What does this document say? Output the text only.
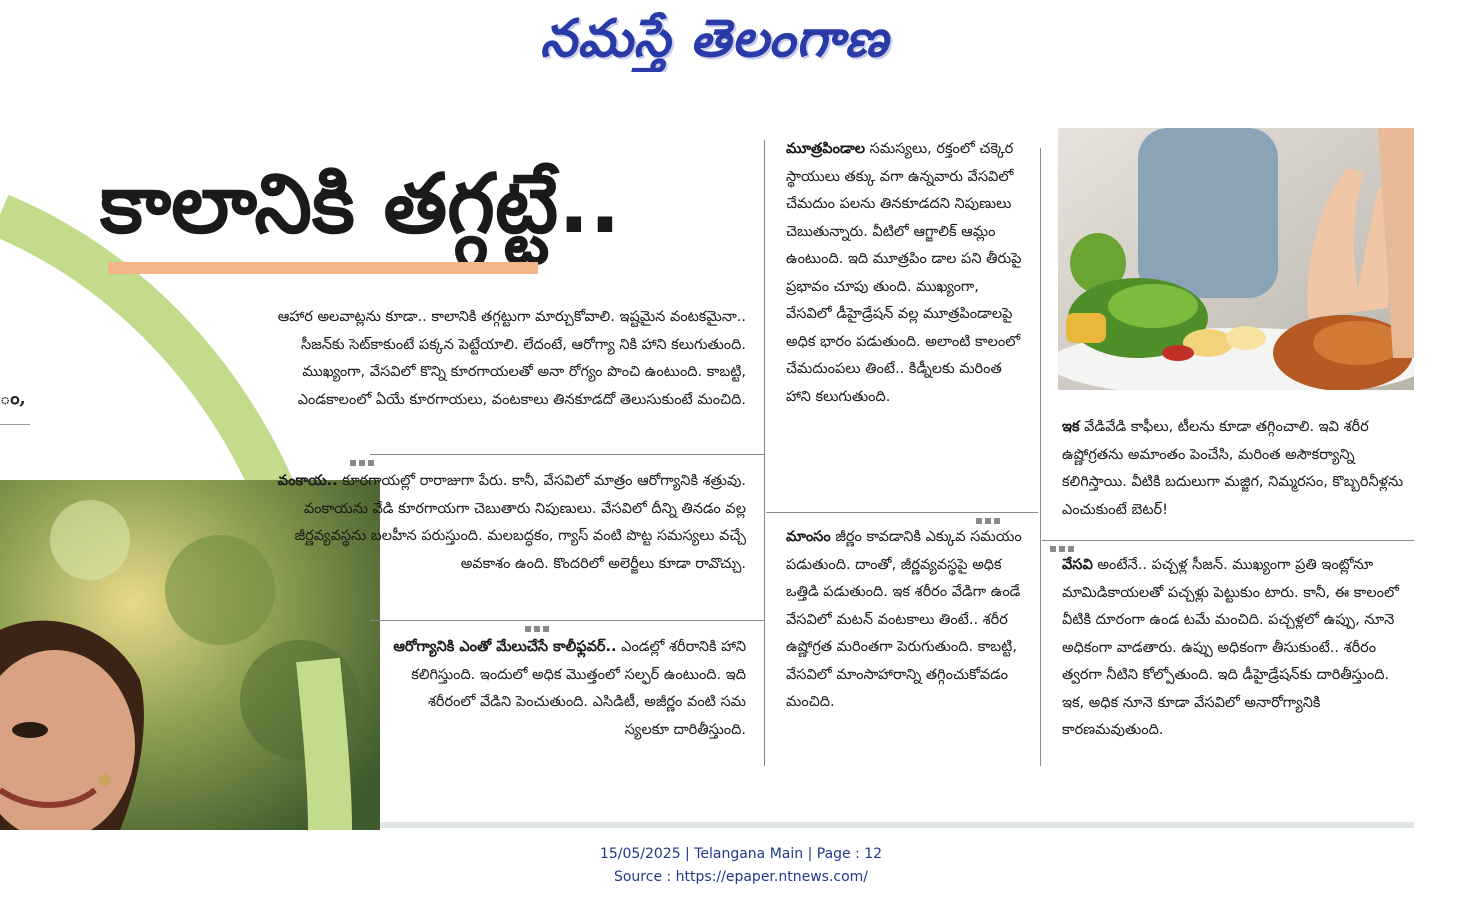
నమస్తే తెలంగాణ
ం,
కాలానికి తగ్గట్టే..
ఆహార అలవాట్లను కూడా.. కాలానికి తగ్గట్టుగా మార్చుకోవాలి. ఇష్టమైన వంటకమైనా.. సీజన్‌కు సెట్‌కాకుంటే పక్కన పెట్టేయాలి. లేదంటే, ఆరోగ్యా నికి హాని కలుగుతుంది. ముఖ్యంగా, వేసవిలో కొన్ని కూరగాయలతో అనా రోగ్యం పొంచి ఉంటుంది. కాబట్టి, ఎండకాలంలో ఏయే కూరగాయలు, వంటకాలు తినకూడదో తెలుసుకుంటే మంచిది.
వంకాయ.. కూరగాయల్లో రారాజుగా పేరు. కానీ, వేసవిలో మాత్రం ఆరోగ్యానికి శత్రువు. వంకాయను వేడి కూరగాయగా చెబుతారు నిపుణులు. వేసవిలో దీన్ని తినడం వల్ల జీర్ణవ్యవస్థను బలహీన పరుస్తుంది. మలబద్ధకం, గ్యాస్ వంటి పొట్ట సమస్యలు వచ్చే అవకాశం ఉంది. కొందరిలో అలెర్జీలు కూడా రావొచ్చు.
ఆరోగ్యానికి ఎంతో మేలుచేసే కాలీఫ్లవర్.. ఎండల్లో శరీరానికి హాని కలిగిస్తుంది. ఇందులో అధిక మొత్తంలో సల్ఫర్ ఉంటుంది. ఇది శరీరంలో వేడిని పెంచుతుంది. ఎసిడిటీ, అజీర్ణం వంటి సమ స్యలకూ దారితీస్తుంది.
మూత్రపిండాల సమస్యలు, రక్తంలో చక్కెర స్థాయులు తక్కు వగా ఉన్నవారు వేసవిలో చేమదుం పలను తినకూడదని నిపుణులు చెబుతున్నారు. వీటిలో ఆగ్జాలిక్ ఆమ్లం ఉంటుంది. ఇది మూత్రపిం డాల పని తీరుపై ప్రభావం చూపు తుంది. ముఖ్యంగా, వేసవిలో డీహైడ్రేషన్ వల్ల మూత్రపిండాలపై అధిక భారం పడుతుంది. అలాంటి కాలంలో చేమదుంపలు తింటే.. కిడ్నీలకు మరింత హాని కలుగుతుంది.
మాంసం జీర్ణం కావడానికి ఎక్కువ సమయం పడుతుంది. దాంతో, జీర్ణవ్యవస్థపై అధిక ఒత్తిడి పడుతుంది. ఇక శరీరం వేడిగా ఉండే వేసవిలో మటన్ వంటకాలు తింటే.. శరీర ఉష్ణోగ్రత మరింతగా పెరుగుతుంది. కాబట్టి, వేసవిలో మాంసాహారాన్ని తగ్గించుకోవడం మంచిది.
ఇక వేడివేడి కాఫీలు, టీలను కూడా తగ్గించాలి. ఇవి శరీర ఉష్ణోగ్రతను అమాంతం పెంచేసి, మరింత అసౌకర్యాన్ని కలిగిస్తాయి. వీటికి బదులుగా మజ్జిగ, నిమ్మరసం, కొబ్బరినీళ్లను ఎంచుకుంటే బెటర్!
వేసవి అంటేనే.. పచ్చళ్ల సీజన్. ముఖ్యంగా ప్రతి ఇంట్లోనూ మామిడికాయలతో పచ్చళ్లు పెట్టుకుం టారు. కానీ, ఈ కాలంలో వీటికి దూరంగా ఉండ టమే మంచిది. పచ్చళ్లలో ఉప్పు, నూనె అధికంగా వాడతారు. ఉప్పు అధికంగా తీసుకుంటే.. శరీరం త్వరగా నీటిని కోల్పోతుంది. ఇది డీహైడ్రేషన్‌కు దారితీస్తుంది. ఇక, అధిక నూనె కూడా వేసవిలో అనారోగ్యానికి కారణమవుతుంది.
15/05/2025 | Telangana Main | Page : 12
Source : https://epaper.ntnews.com/
